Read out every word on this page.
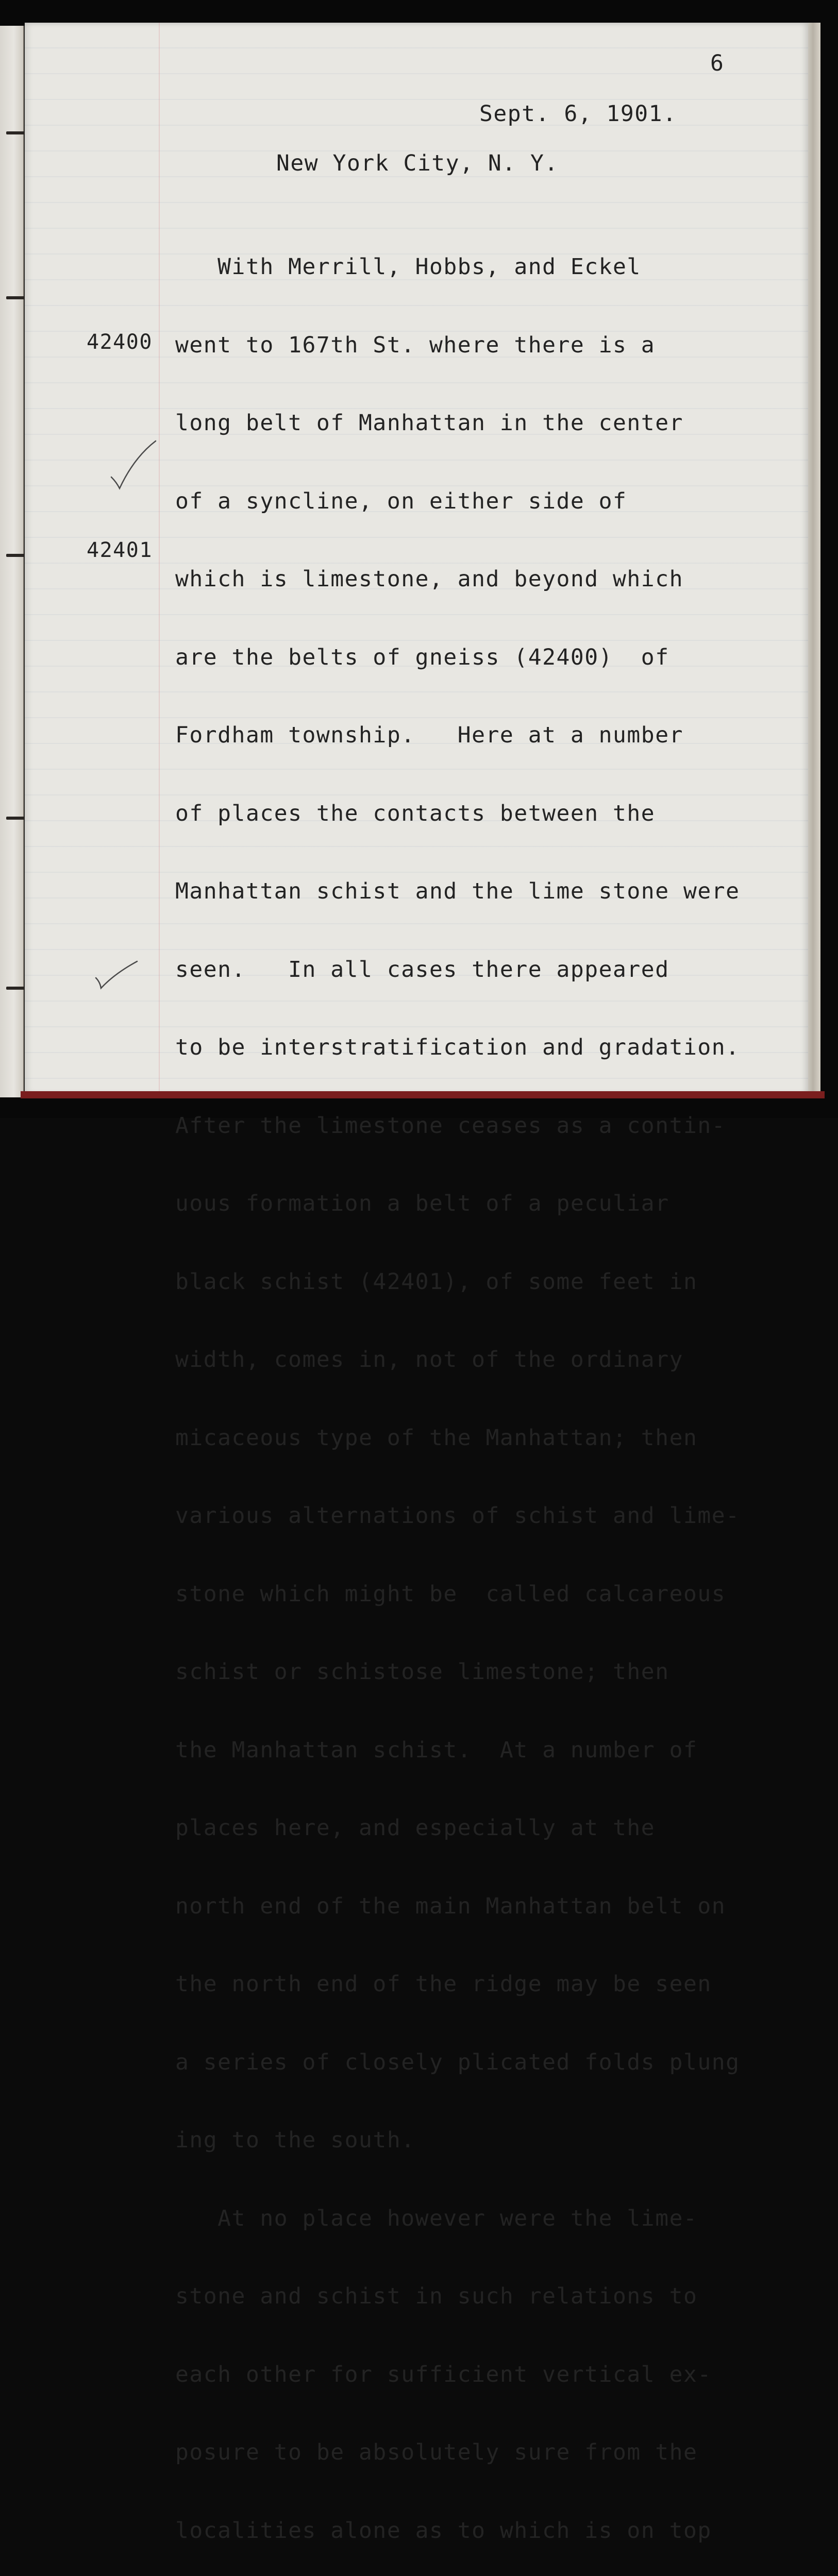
6
Sept. 6, 1901.
New York City, N. Y.
42400
42401

With Merrill, Hobbs, and Eckel

went to 167th St. where there is a

long belt of Manhattan in the center

of a syncline, on either side of

which is limestone, and beyond which

are the belts of gneiss (42400)  of

Fordham township.   Here at a number

of places the contacts between the

Manhattan schist and the lime stone were

seen.   In all cases there appeared

to be interstratification and gradation.

After the limestone ceases as a contin-

uous formation a belt of a peculiar

black schist (42401), of some feet in

width, comes in, not of the ordinary

micaceous type of the Manhattan; then

various alternations of schist and lime-

stone which might be  called calcareous

schist or schistose limestone; then

the Manhattan schist.  At a number of

places here, and especially at the

north end of the main Manhattan belt on

the north end of the ridge may be seen

a series of closely plicated folds plung

ing to the south.

At no place however were the lime-

stone and schist in such relations to

each other for sufficient vertical ex-

posure to be absolutely sure from the

localities alone as to which is on top
